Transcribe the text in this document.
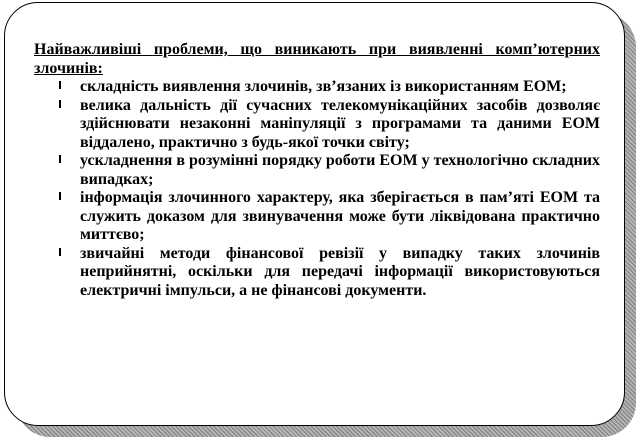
Найважливіші проблеми, що виникають при виявленні комп’ютерних злочинів:

складність виявлення злочинів, зв’язаних із використанням ЕОМ;
велика дальність дії сучасних телекомунікаційних засобів дозволяє здійснювати незаконні маніпуляції з програмами та даними ЕОМ віддалено, практично з будь-якої точки світу;
ускладнення в розумінні порядку роботи ЕОМ у технологічно складних випадках;
інформація злочинного характеру, яка зберігається в пам’яті ЕОМ та служить доказом для звинувачення може бути ліквідована практично миттєво;
звичайні методи фінансової ревізії у випадку таких злочинів неприйнятні, оскільки для передачі інформації використовуються електричні імпульси, а не фінансові документи.
